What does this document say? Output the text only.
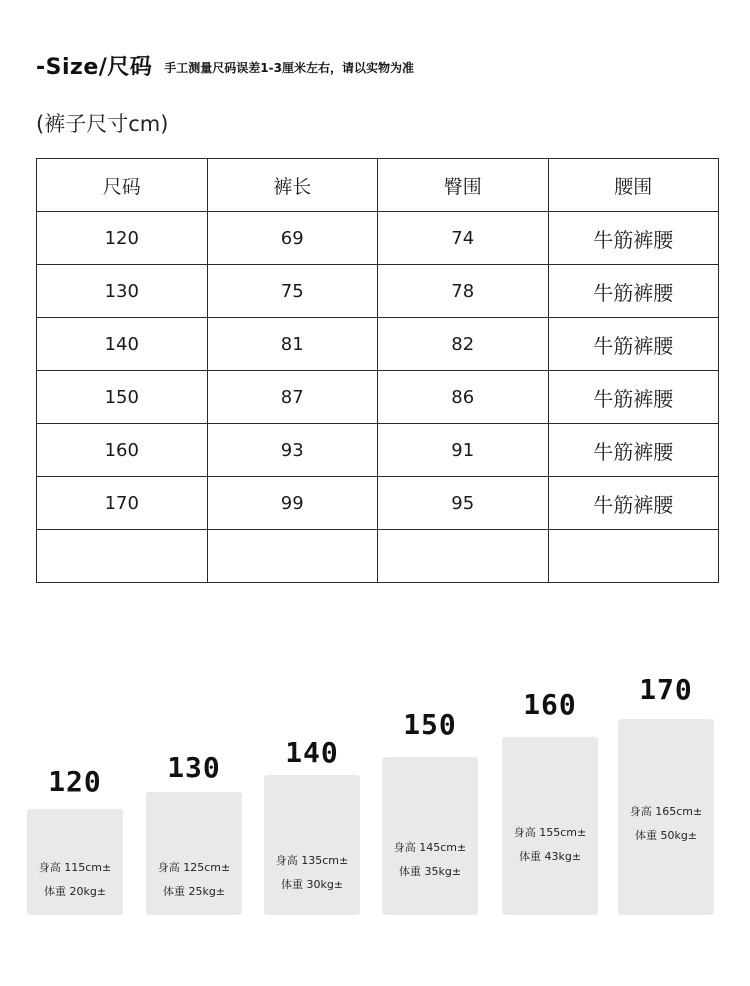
-Size/尺码 手工测量尺码误差1-3厘米左右，请以实物为准
(裤子尺寸cm)
尺码	裤长	臀围	腰围
120	69	74	牛筋裤腰
130	75	78	牛筋裤腰
140	81	82	牛筋裤腰
150	87	86	牛筋裤腰
160	93	91	牛筋裤腰
170	99	95	牛筋裤腰

120
身高 115cm±
体重 20kg±
130
身高 125cm±
体重 25kg±
140
身高 135cm±
体重 30kg±
150
身高 145cm±
体重 35kg±
160
身高 155cm±
体重 43kg±
170
身高 165cm±
体重 50kg±
